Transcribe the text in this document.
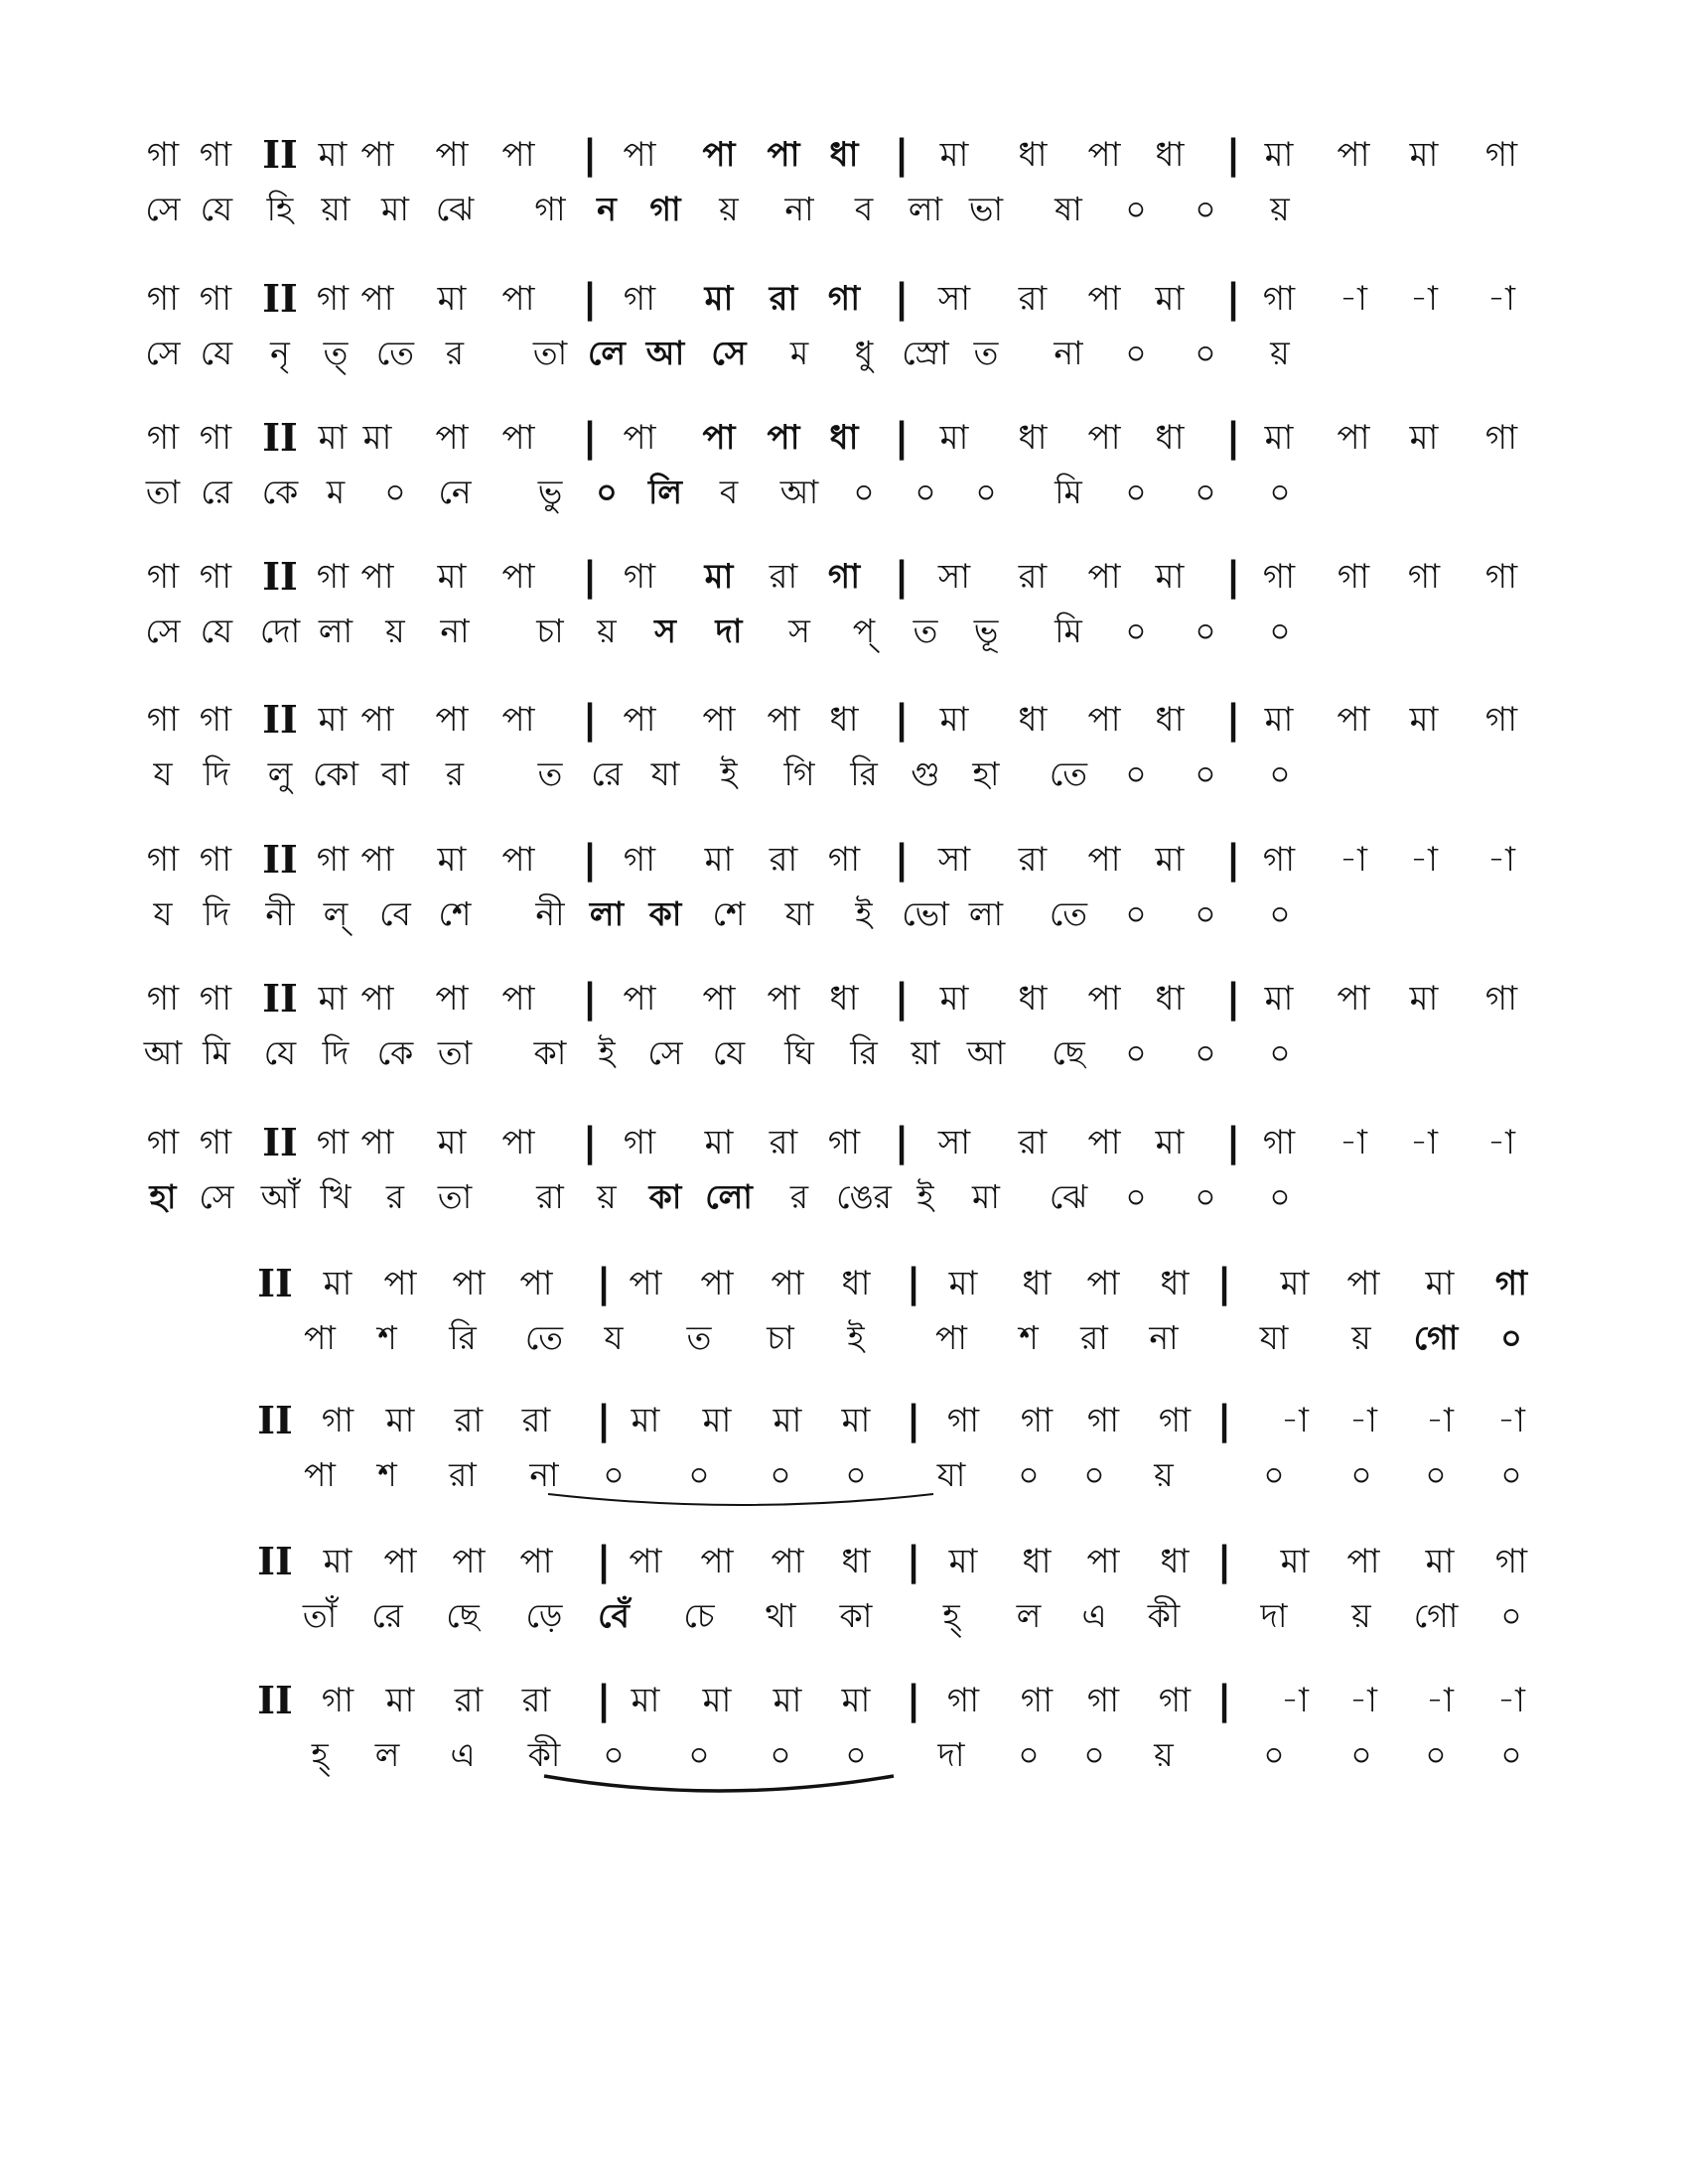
গা গা II মা পা পা পা | পা পা পা ধা | মা ধা পা ধা | মা পা মা গা
সে যে হি য়া মা ঝে গা ন গা য় না ব লা ভা ষা ০ ০ য়
গা গা II গা পা মা পা | গা মা রা গা | সা রা পা মা | গা -া -া -া
সে যে নৃ ত্ তে র তা লে আ সে ম ধু স্রো ত না ০ ০ য়
গা গা II মা মা পা পা | পা পা পা ধা | মা ধা পা ধা | মা পা মা গা
তা রে কে ম ০ নে ভু ০ লি ব আ ০ ০ ০ মি ০ ০ ০
গা গা II গা পা মা পা | গা মা রা গা | সা রা পা মা | গা গা গা গা
সে যে দো লা য় না চা য় স দা স প্ ত ভূ মি ০ ০ ০
গা গা II মা পা পা পা | পা পা পা ধা | মা ধা পা ধা | মা পা মা গা
য দি লু কো বা র ত রে যা ই গি রি গু হা তে ০ ০ ০
গা গা II গা পা মা পা | গা মা রা গা | সা রা পা মা | গা -া -া -া
য দি নী ল্ বে শে নী লা কা শে যা ই ভো লা তে ০ ০ ০
গা গা II মা পা পা পা | পা পা পা ধা | মা ধা পা ধা | মা পা মা গা
আ মি যে দি কে তা কা ই সে যে ঘি রি য়া আ ছে ০ ০ ০
গা গা II গা পা মা পা | গা মা রা গা | সা রা পা মা | গা -া -া -া
হা সে আঁ খি র তা রা য় কা লো র ঙের ই মা ঝে ০ ০ ০
II মা পা পা পা | পা পা পা ধা | মা ধা পা ধা | মা পা মা গা
পা শ রি তে য ত চা ই পা শ রা না যা য় গো ০
II গা মা রা রা | মা মা মা মা | গা গা গা গা | -া -া -া -া
পা শ রা না ০ ০ ০ ০ যা ০ ০ য়	০ ০ ০ ০
II মা পা পা পা | পা পা পা ধা | মা ধা পা ধা | মা পা মা গা
তাঁ রে ছে ড়ে বেঁ চে থা কা হ্ ল এ কী দা য় গো ০
II গা মা রা রা | মা মা মা মা | গা গা গা গা | -া -া -া -া
হ্ ল এ কী ০ ০ ০ ০ দা ০ ০ য়	০ ০ ০ ০
